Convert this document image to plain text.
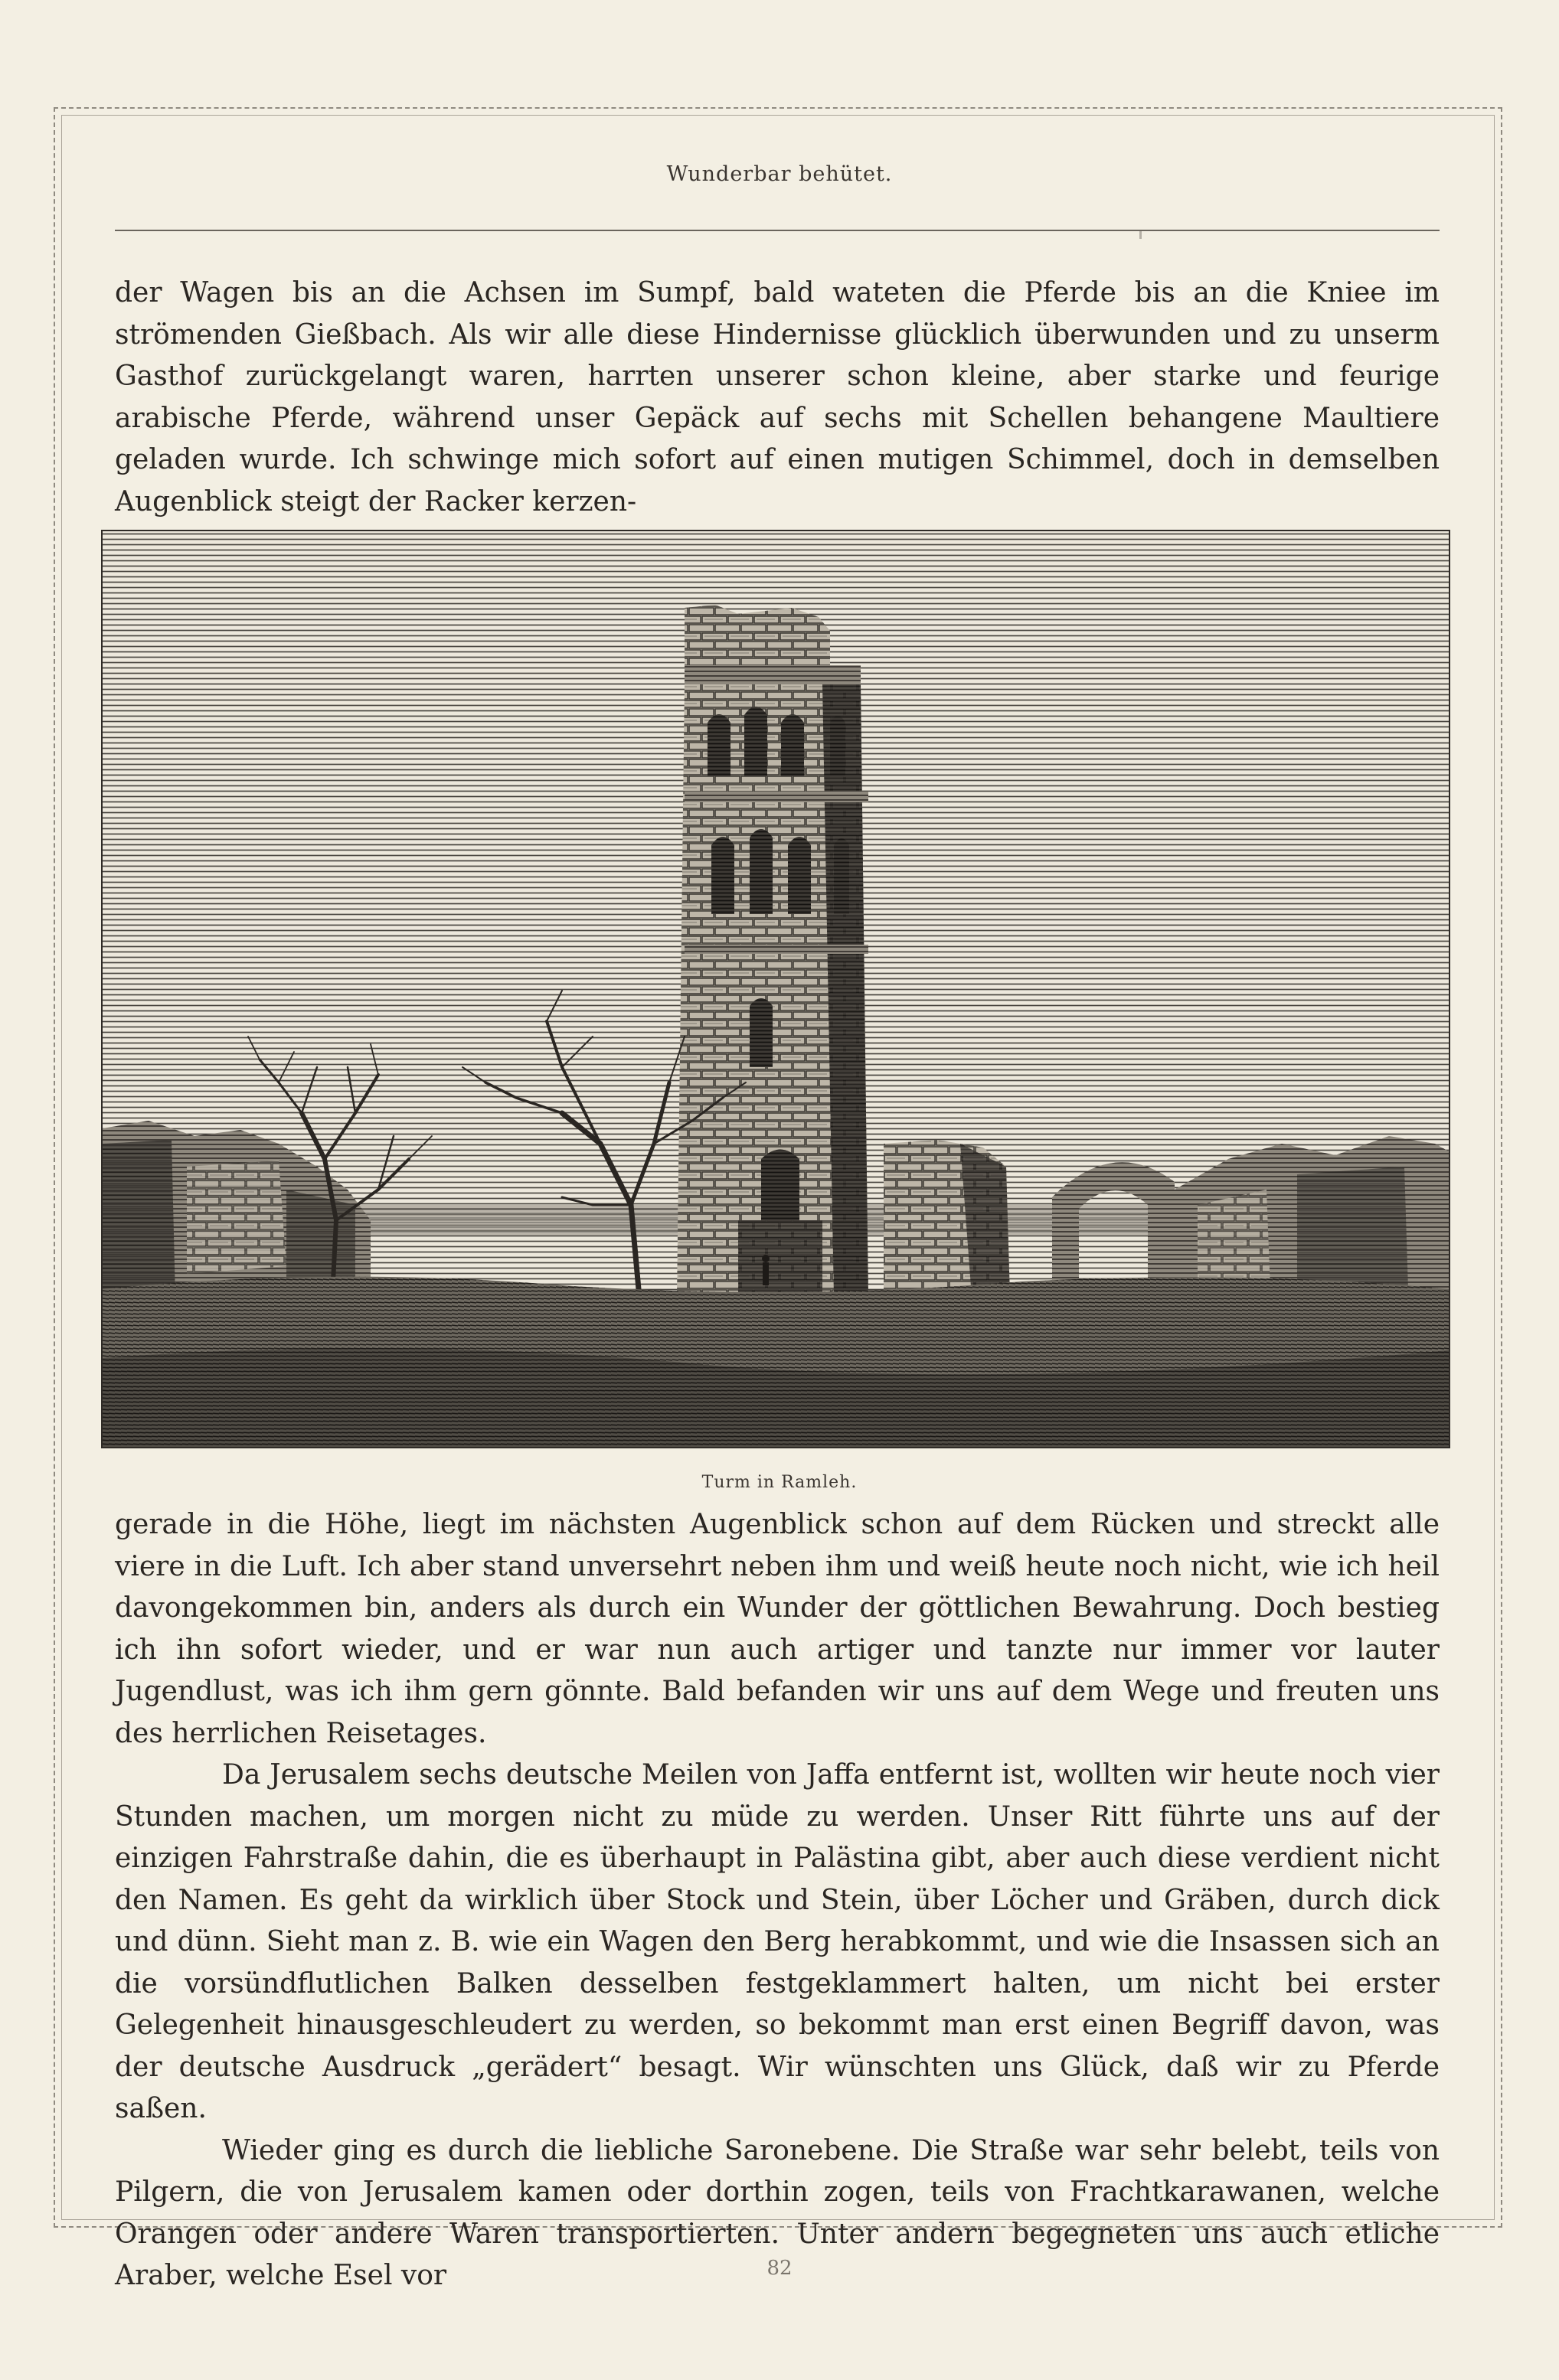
Wunderbar behütet.

der Wagen bis an die Achsen im Sumpf, bald wateten die Pferde bis an die Kniee im strömenden Gießbach. Als wir alle diese Hindernisse glücklich überwunden und zu unserm Gasthof zurückgelangt waren, harrten unserer schon kleine, aber starke und feurige arabische Pferde, während unser Gepäck auf sechs mit Schellen behangene Maultiere geladen wurde. Ich schwinge mich sofort auf einen mutigen Schimmel, doch in demselben Augenblick steigt der Racker kerzen-

Turm in Ramleh.

gerade in die Höhe, liegt im nächsten Augenblick schon auf dem Rücken und streckt alle viere in die Luft. Ich aber stand unversehrt neben ihm und weiß heute noch nicht, wie ich heil davongekommen bin, anders als durch ein Wunder der göttlichen Bewahrung. Doch bestieg ich ihn sofort wieder, und er war nun auch artiger und tanzte nur immer vor lauter Jugendlust, was ich ihm gern gönnte. Bald befanden wir uns auf dem Wege und freuten uns des herrlichen Reisetages.

Da Jerusalem sechs deutsche Meilen von Jaffa entfernt ist, wollten wir heute noch vier Stunden machen, um morgen nicht zu müde zu werden. Unser Ritt führte uns auf der einzigen Fahrstraße dahin, die es überhaupt in Palästina gibt, aber auch diese verdient nicht den Namen. Es geht da wirklich über Stock und Stein, über Löcher und Gräben, durch dick und dünn. Sieht man z. B. wie ein Wagen den Berg herabkommt, und wie die Insassen sich an die vorsündflutlichen Balken desselben festgeklammert halten, um nicht bei erster Gelegenheit hinausgeschleudert zu werden, so bekommt man erst einen Begriff davon, was der deutsche Ausdruck „gerädert“ besagt. Wir wünschten uns Glück, daß wir zu Pferde saßen.

Wieder ging es durch die liebliche Saronebene. Die Straße war sehr belebt, teils von Pilgern, die von Jerusalem kamen oder dorthin zogen, teils von Frachtkarawanen, welche Orangen oder andere Waren transportierten. Unter andern begegneten uns auch etliche Araber, welche Esel vor	82
